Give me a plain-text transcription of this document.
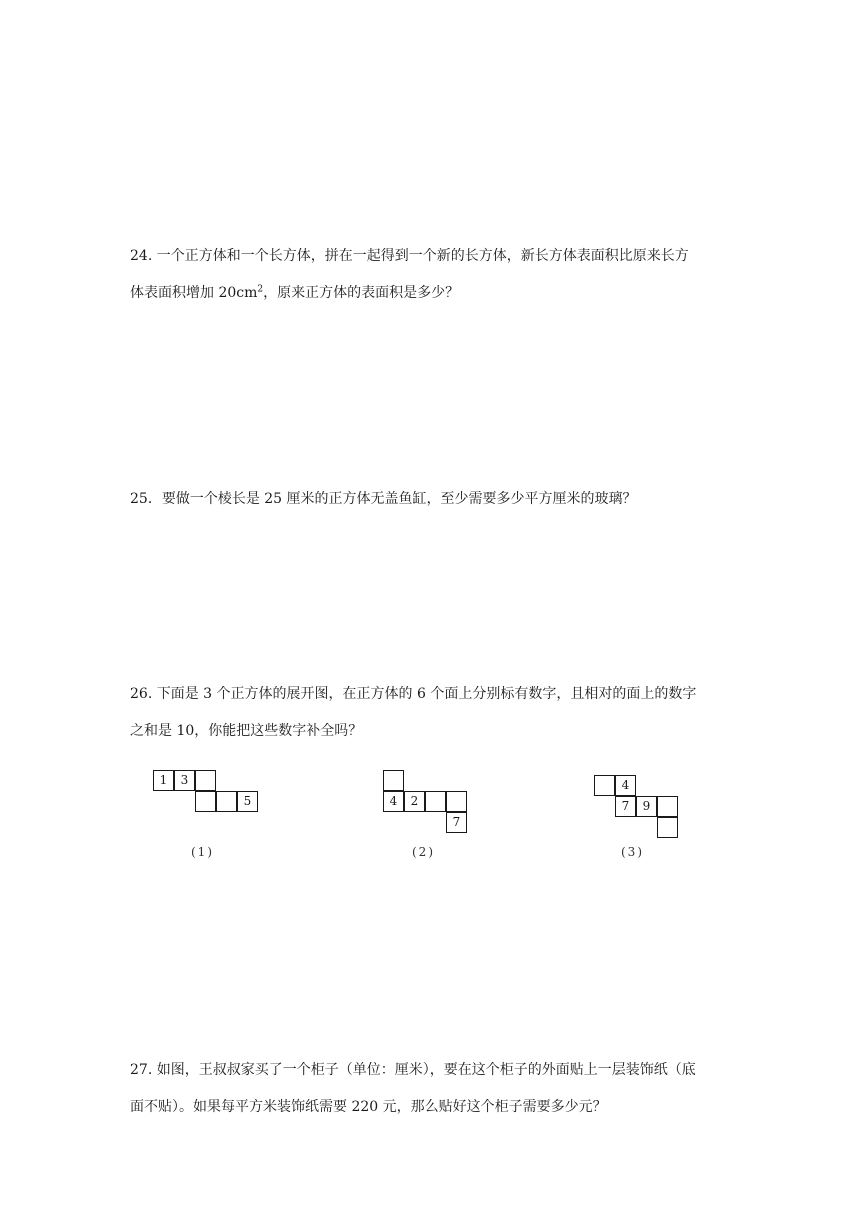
24. 一个正方体和一个长方体，拼在一起得到一个新的长方体，新长方体表面积比原来长方

体表面积增加 $20cm^2$，原来正方体的表面积是多少？

25．要做一个棱长是 25 厘米的正方体无盖鱼缸，至少需要多少平方厘米的玻璃？

26. 下面是 3 个正方体的展开图，在正方体的 6 个面上分别标有数字，且相对的面上的数字

之和是 10，你能把这些数字补全吗？

1	3
5
(1)
4	2
7
(2)
4
7	9
(3)

27. 如图，王叔叔家买了一个柜子（单位：厘米），要在这个柜子的外面贴上一层装饰纸（底

面不贴）。如果每平方米装饰纸需要 220 元，那么贴好这个柜子需要多少元？
